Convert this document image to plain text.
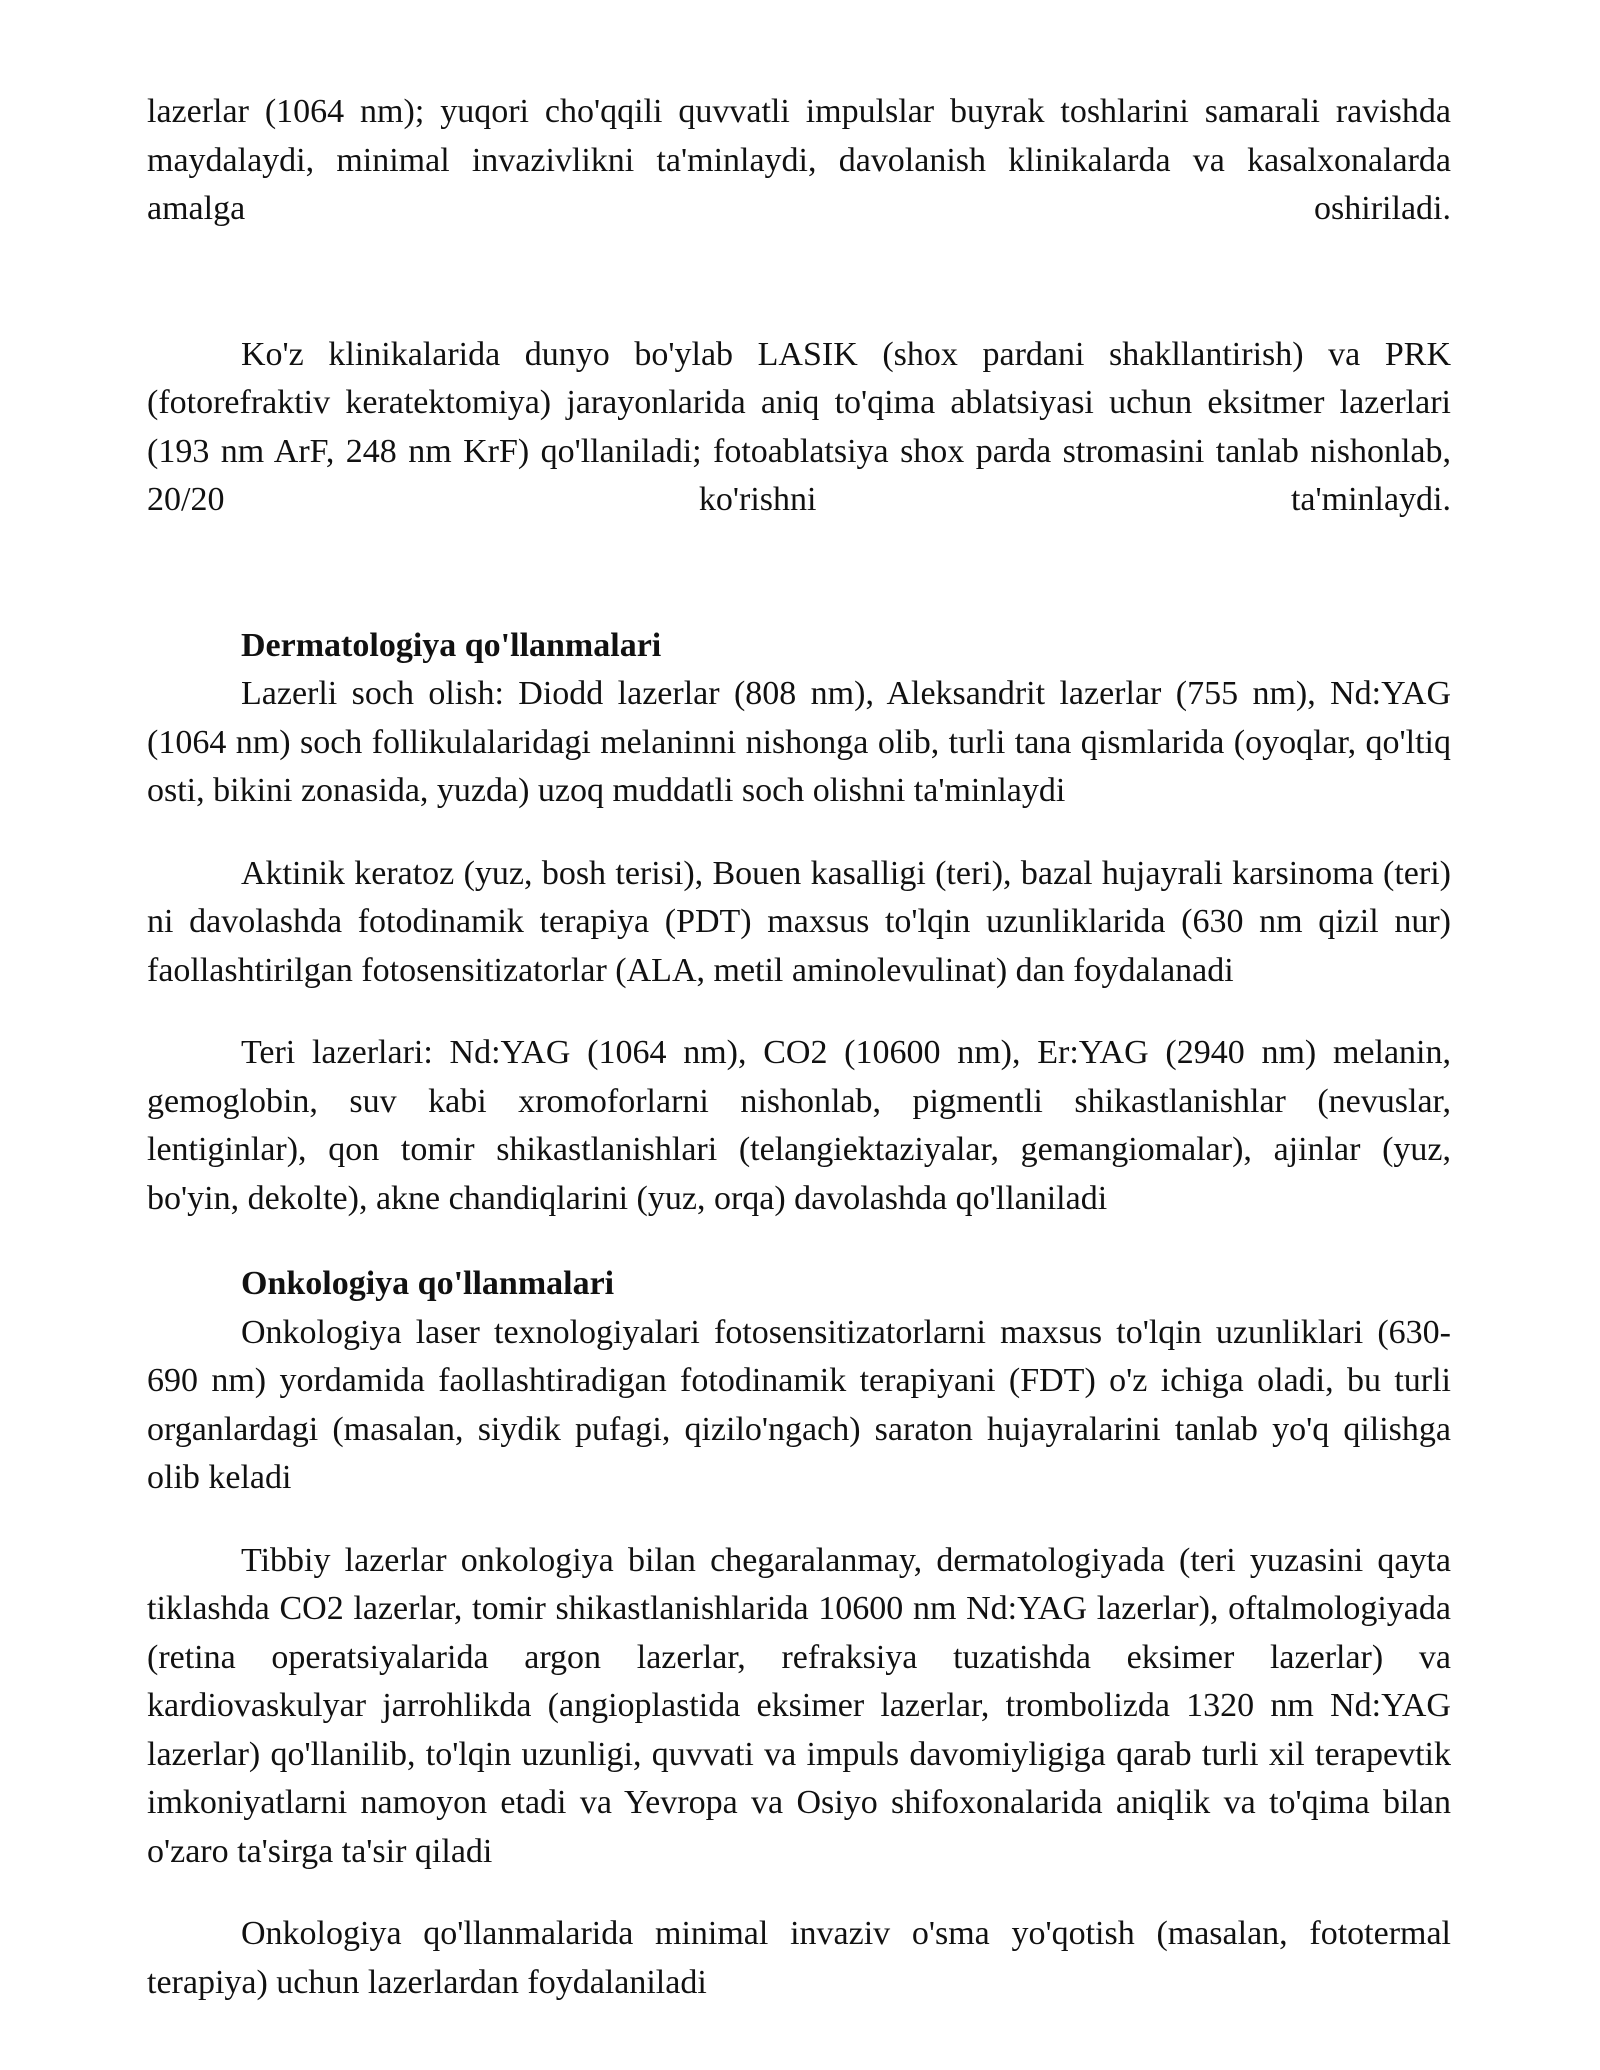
lazerlar (1064 nm); yuqori cho'qqili quvvatli impulslar buyrak toshlarini samarali ravishda maydalaydi, minimal invazivlikni ta'minlaydi, davolanish klinikalarda va kasalxonalarda amalga oshiriladi.

Ko'z klinikalarida dunyo bo'ylab LASIK (shox pardani shakllantirish) va PRK (fotorefraktiv keratektomiya) jarayonlarida aniq to'qima ablatsiyasi uchun eksitmer lazerlari (193 nm ArF, 248 nm KrF) qo'llaniladi; fotoablatsiya shox parda stromasini tanlab nishonlab, 20/20 ko'rishni ta'minlaydi.

Dermatologiya qo'llanmalari

Lazerli soch olish: Diodd lazerlar (808 nm), Aleksandrit lazerlar (755 nm), Nd:YAG (1064 nm) soch follikulalaridagi melaninni nishonga olib, turli tana qismlarida (oyoqlar, qo'ltiq osti, bikini zonasida, yuzda) uzoq muddatli soch olishni ta'minlaydi

Aktinik keratoz (yuz, bosh terisi), Bouen kasalligi (teri), bazal hujayrali karsinoma (teri) ni davolashda fotodinamik terapiya (PDT) maxsus to'lqin uzunliklarida (630 nm qizil nur) faollashtirilgan fotosensitizatorlar (ALA, metil aminolevulinat) dan foydalanadi

Teri lazerlari: Nd:YAG (1064 nm), CO2 (10600 nm), Er:YAG (2940 nm) melanin, gemoglobin, suv kabi xromoforlarni nishonlab, pigmentli shikastlanishlar (nevuslar, lentiginlar), qon tomir shikastlanishlari (telangiektaziyalar, gemangiomalar), ajinlar (yuz, bo'yin, dekolte), akne chandiqlarini (yuz, orqa) davolashda qo'llaniladi

Onkologiya qo'llanmalari

Onkologiya laser texnologiyalari fotosensitizatorlarni maxsus to'lqin uzunliklari (630-690 nm) yordamida faollashtiradigan fotodinamik terapiyani (FDT) o'z ichiga oladi, bu turli organlardagi (masalan, siydik pufagi, qizilo'ngach) saraton hujayralarini tanlab yo'q qilishga olib keladi

Tibbiy lazerlar onkologiya bilan chegaralanmay, dermatologiyada (teri yuzasini qayta tiklashda CO2 lazerlar, tomir shikastlanishlarida 10600 nm Nd:YAG lazerlar), oftalmologiyada (retina operatsiyalarida argon lazerlar, refraksiya tuzatishda eksimer lazerlar) va kardiovaskulyar jarrohlikda (angioplastida eksimer lazerlar, trombolizda 1320 nm Nd:YAG lazerlar) qo'llanilib, to'lqin uzunligi, quvvati va impuls davomiyligiga qarab turli xil terapevtik imkoniyatlarni namoyon etadi va Yevropa va Osiyo shifoxonalarida aniqlik va to'qima bilan o'zaro ta'sirga ta'sir qiladi

Onkologiya qo'llanmalarida minimal invaziv o'sma yo'qotish (masalan, fototermal terapiya) uchun lazerlardan foydalaniladi
